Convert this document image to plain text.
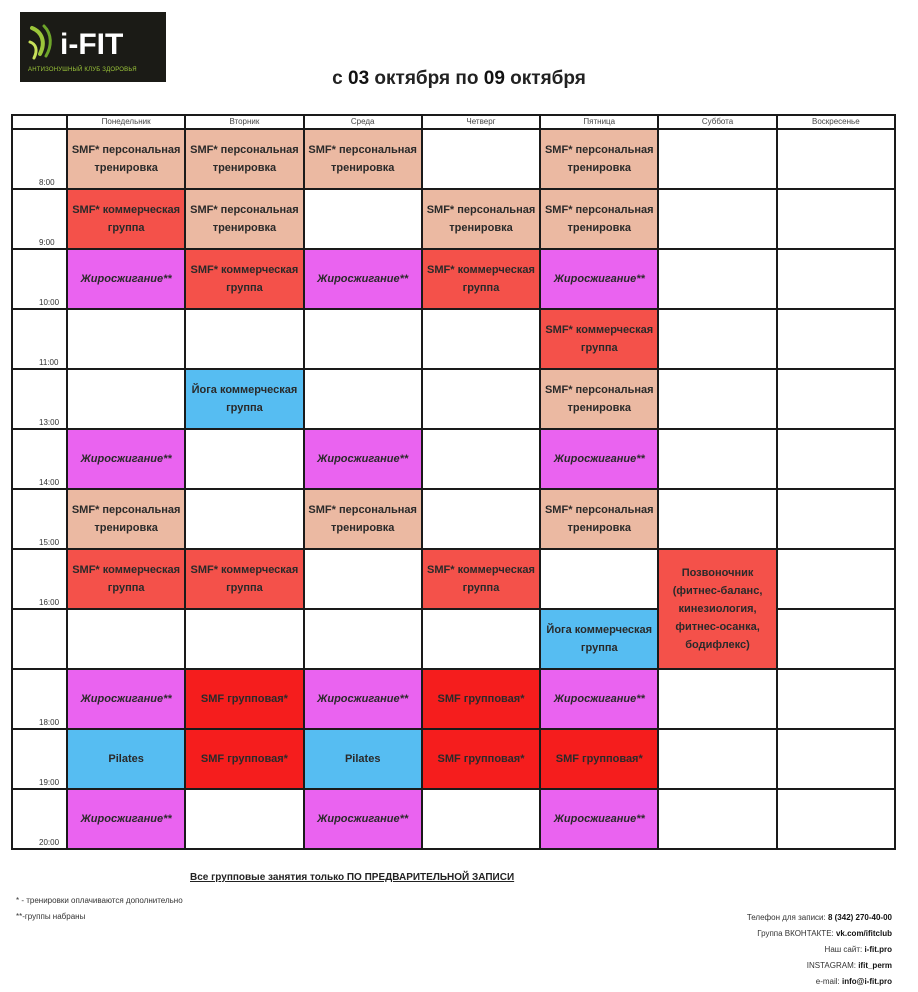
i-FIT
АНТИЗОНУШНЫЙ КЛУБ ЗДОРОВЬЯ	с 03 октября по 09 октября
	Понедельник	Вторник	Среда	Четверг	Пятница	Суббота	Воскресенье

8:00	SMF* персональная тренировка	SMF* персональная тренировка	SMF* персональная тренировка		SMF* персональная тренировка		

9:00	SMF* коммерческая группа	SMF* персональная тренировка		SMF* персональная тренировка	SMF* персональная тренировка		

10:00	Жиросжигание**	SMF* коммерческая группа	Жиросжигание**	SMF* коммерческая группа	Жиросжигание**		

11:00					SMF* коммерческая группа		

13:00		Йога коммерческая группа			SMF* персональная тренировка		

14:00	Жиросжигание**		Жиросжигание**		Жиросжигание**		

15:00	SMF* персональная тренировка		SMF* персональная тренировка		SMF* персональная тренировка		

16:00	SMF* коммерческая группа	SMF* коммерческая группа		SMF* коммерческая группа		Позвоночник (фитнес-баланс, кинезиология, фитнес-осанка, бодифлекс)	

					Йога коммерческая группа		

18:00	Жиросжигание**	SMF групповая*	Жиросжигание**	SMF групповая*	Жиросжигание**		

19:00	Pilates	SMF групповая*	Pilates	SMF групповая*	SMF групповая*		

20:00	Жиросжигание**		Жиросжигание**		Жиросжигание**		
Все групповые занятия только ПО ПРЕДВАРИТЕЛЬНОЙ ЗАПИСИ
* - тренировки оплачиваются дополнительно
**-группы набраны	Телефон для записи: 8 (342) 270-40-00
Группа ВКОНТАКТЕ: vk.com/ifitclub
Наш сайт: i-fit.pro
INSTAGRAM: ifit_perm
e-mail: info@i-fit.pro
